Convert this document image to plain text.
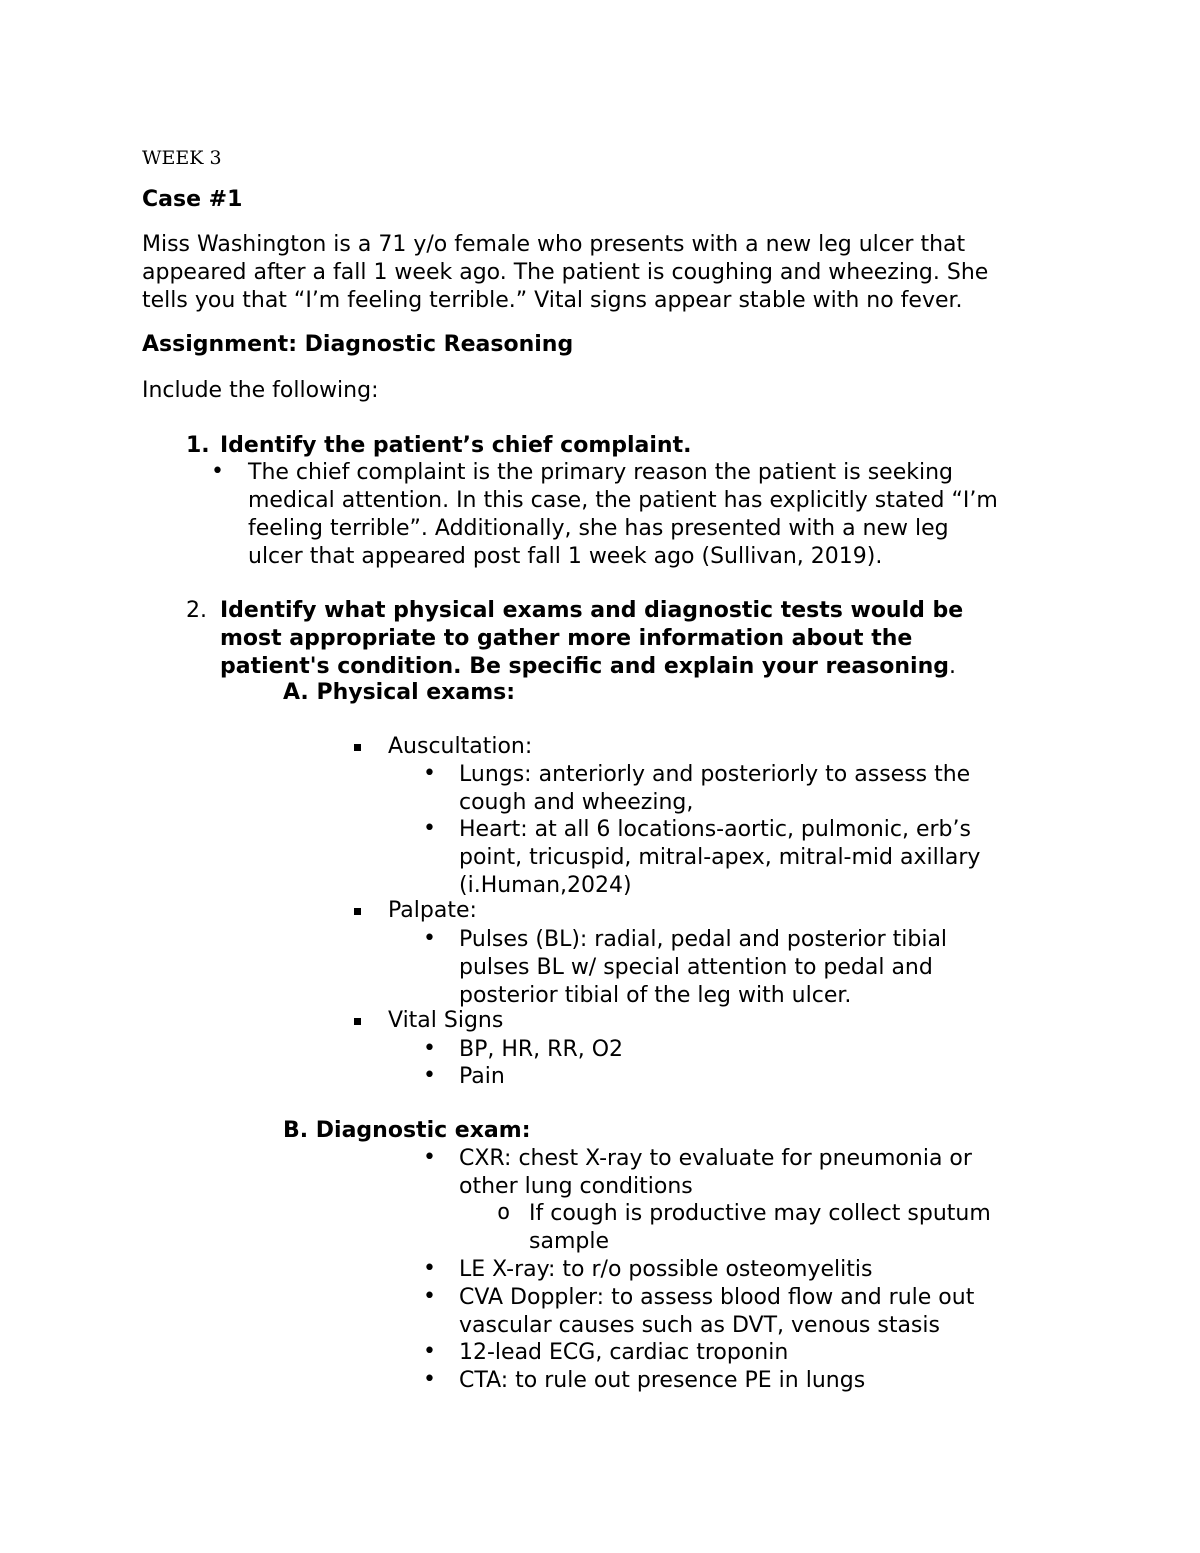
WEEK 3

Case #1

Miss Washington is a 71 y/o female who presents with a new leg ulcer that
appeared after a fall 1 week ago. The patient is coughing and wheezing. She
tells you that “I’m feeling terrible.” Vital signs appear stable with no fever.

Assignment: Diagnostic Reasoning

Include the following:

1. Identify the patient’s chief complaint.

• The chief complaint is the primary reason the patient is seeking
medical attention. In this case, the patient has explicitly stated “I’m
feeling terrible”. Additionally, she has presented with a new leg
ulcer that appeared post fall 1 week ago (Sullivan, 2019).

2. Identify what physical exams and diagnostic tests would be
most appropriate to gather more information about the
patient's condition. Be specific and explain your reasoning.

A. Physical exams:

Auscultation:

• Lungs: anteriorly and posteriorly to assess the
cough and wheezing,
• Heart: at all 6 locations-aortic, pulmonic, erb’s
point, tricuspid, mitral-apex, mitral-mid axillary
(i.Human,2024)

Palpate:

• Pulses (BL): radial, pedal and posterior tibial
pulses BL w/ special attention to pedal and
posterior tibial of the leg with ulcer.

Vital Signs

• BP, HR, RR, O2

• Pain

B. Diagnostic exam:

• CXR: chest X-ray to evaluate for pneumonia or
other lung conditions
o If cough is productive may collect sputum
sample
• LE X-ray: to r/o possible osteomyelitis

• CVA Doppler: to assess blood flow and rule out
vascular causes such as DVT, venous stasis
• 12-lead ECG, cardiac troponin

• CTA: to rule out presence PE in lungs
